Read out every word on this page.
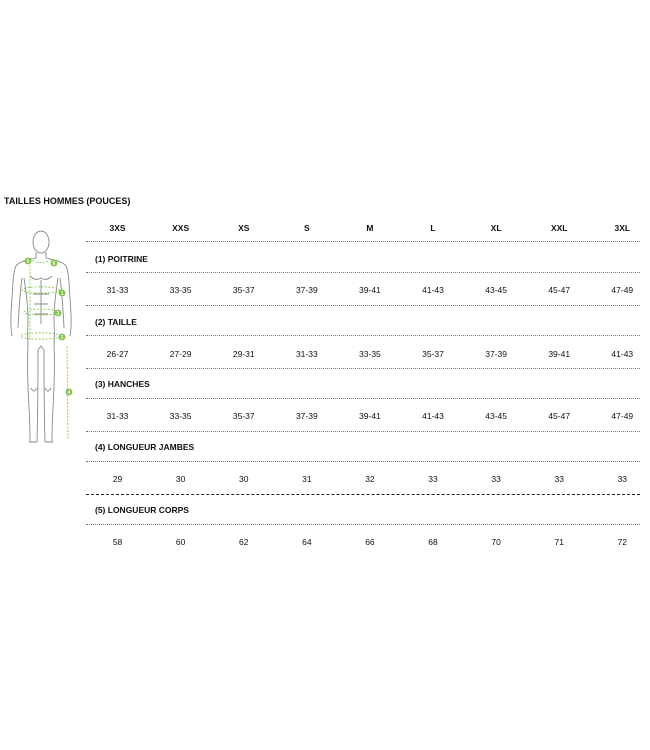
TAILLES HOMMES (POUCES)
5	6
1
2
3
4
3XS	XXS	XS	S	M	L	XL	XXL	3XL
(1) POITRINE
31-33	33-35	35-37	37-39	39-41	41-43	43-45	45-47	47-49
(2) TAILLE
26-27	27-29	29-31	31-33	33-35	35-37	37-39	39-41	41-43
(3) HANCHES
31-33	33-35	35-37	37-39	39-41	41-43	43-45	45-47	47-49
(4) LONGUEUR JAMBES
29	30	30	31	32	33	33	33	33
(5) LONGUEUR CORPS
58	60	62	64	66	68	70	71	72
